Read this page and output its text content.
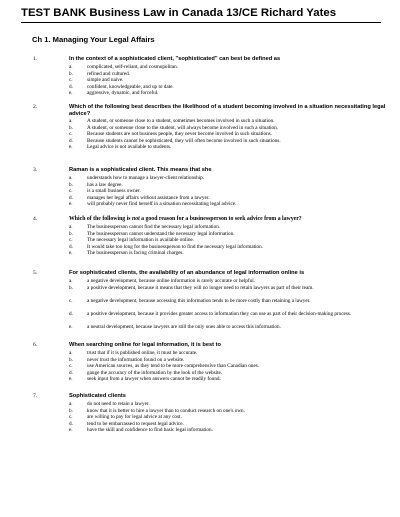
TEST BANK Business Law in Canada 13/CE Richard Yates
Ch 1. Managing Your Legal Affairs
1.	In the context of a sophisticated client, "sophisticated" can best be defined as
a.	complicated, self-reliant, and cosmopolitan.
b.	refined and cultured.
c.	simple and naive.
d.	confident, knowledgeable, and up to date.
e.	aggressive, dynamic, and forceful.
2.	Which of the following best describes the likelihood of a student becoming involved in a situation necessitating legal advice?
a.	A student, or someone close to a student, sometimes becomes involved in such a situation.
b.	A student, or someone close to the student, will always become involved in such a situation.
c.	Because students are not business people, they never become involved in such situations.
d.	Because students cannot be sophisticated, they will often become involved in such situations.
e.	Legal advice is not available to students.
3.	Raman is a sophisticated client. This means that she
a.	understands how to manage a lawyer-client relationship.
b.	has a law degree.
c.	is a small business owner.
d.	manages her legal affairs without assistance from a lawyer.
e.	will probably never find herself in a situation necessitating legal advice.
4.	Which of the following is not a good reason for a businessperson to seek advice from a lawyer?
a.	The businessperson cannot find the necessary legal information.
b.	The businessperson cannot understand the necessary legal information.
c.	The necessary legal information is available online.
d.	It would take too long for the businessperson to find the necessary legal information.
e.	The businessperson is facing criminal charges.
5.	For sophisticated clients, the availability of an abundance of legal information online is
a.	a negative development, because online information is rarely accurate or helpful.
b.	a positive development, because it means that they will no longer need to retain lawyers as part of their team.
c.	a negative development, because accessing this information tends to be more costly than retaining a lawyer.
d.	a positive development, because it provides greater access to information they can use as part of their decision-making process.
e.	a neutral development, because lawyers are still the only ones able to access this information.
6.	When searching online for legal information, it is best to
a.	trust that if it is published online, it must be accurate.
b.	never trust the information found on a website.
c.	use American sources, as they tend to be more comprehensive than Canadian ones.
d.	gauge the accuracy of the information by the look of the website.
e.	seek input from a lawyer when answers cannot be readily found.
7.	Sophisticated clients
a.	do not need to retain a lawyer.
b.	know that it is better to hire a lawyer than to conduct research on one's own.
c.	are willing to pay for legal advice at any cost.
d.	tend to be embarrassed to request legal advice.
e.	have the skill and confidence to find basic legal information.
